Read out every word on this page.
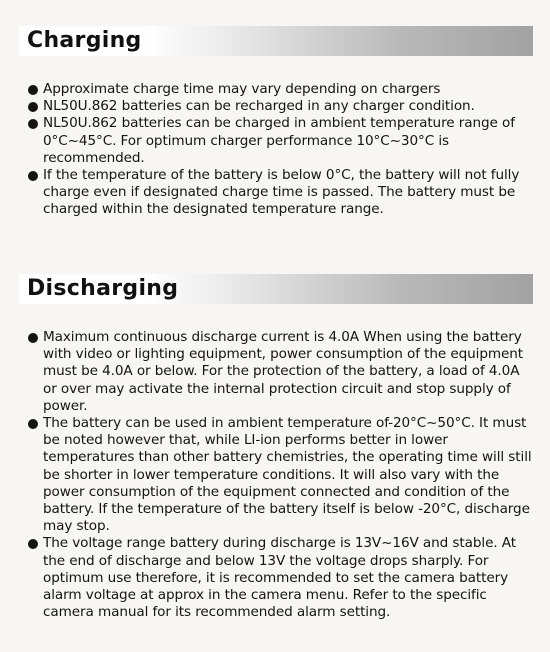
Charging
Approximate charge time may vary depending on chargers
NL50U.862 batteries can be recharged in any charger condition.
NL50U.862 batteries can be charged in ambient temperature range of 0°C~45°C. For optimum charger performance 10°C~30°C is recommended.
If the temperature of the battery is below 0°C, the battery will not fully charge even if designated charge time is passed. The battery must be charged within the designated temperature range.
Discharging
Maximum continuous discharge current is 4.0A When using the battery with video or lighting equipment, power consumption of the equipment must be 4.0A or below. For the protection of the battery, a load of 4.0A or over may activate the internal protection circuit and stop supply of power.
The battery can be used in ambient temperature of-20°C~50°C. It must be noted however that, while LI-ion performs better in lower temperatures than other battery chemistries, the operating time will still be shorter in lower temperature conditions. It will also vary with the power consumption of the equipment connected and condition of the battery. If the temperature of the battery itself is below -20°C, discharge may stop.
The voltage range battery during discharge is 13V~16V and stable. At the end of discharge and below 13V the voltage drops sharply. For optimum use therefore, it is recommended to set the camera battery alarm voltage at approx in the camera menu. Refer to the specific camera manual for its recommended alarm setting.
